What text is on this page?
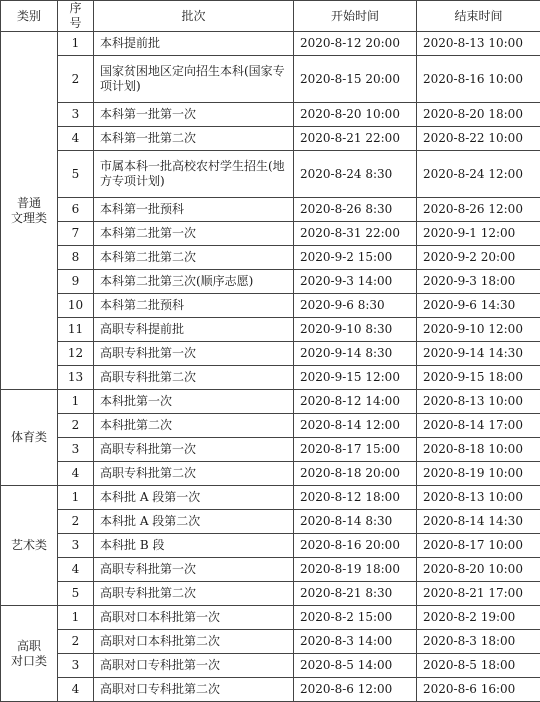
类别	序号	批次	开始时间	结束时间
普通
文理类	1	本科提前批	2020-8-12 20:00	2020-8-13 10:00
	2	国家贫困地区定向招生本科(国家专项计划)	2020-8-15 20:00	2020-8-16 10:00
	3	本科第一批第一次	2020-8-20 10:00	2020-8-20 18:00
	4	本科第一批第二次	2020-8-21 22:00	2020-8-22 10:00
	5	市属本科一批高校农村学生招生(地方专项计划)	2020-8-24 8:30	2020-8-24 12:00
	6	本科第一批预科	2020-8-26 8:30	2020-8-26 12:00
	7	本科第二批第一次	2020-8-31 22:00	2020-9-1 12:00
	8	本科第二批第二次	2020-9-2 15:00	2020-9-2 20:00
	9	本科第二批第三次(顺序志愿)	2020-9-3 14:00	2020-9-3 18:00
	10	本科第二批预科	2020-9-6 8:30	2020-9-6 14:30
	11	高职专科提前批	2020-9-10 8:30	2020-9-10 12:00
	12	高职专科批第一次	2020-9-14 8:30	2020-9-14 14:30
	13	高职专科批第二次	2020-9-15 12:00	2020-9-15 18:00
体育类	1	本科批第一次	2020-8-12 14:00	2020-8-13 10:00
	2	本科批第二次	2020-8-14 12:00	2020-8-14 17:00
	3	高职专科批第一次	2020-8-17 15:00	2020-8-18 10:00
	4	高职专科批第二次	2020-8-18 20:00	2020-8-19 10:00
艺术类	1	本科批 A 段第一次	2020-8-12 18:00	2020-8-13 10:00
	2	本科批 A 段第二次	2020-8-14 8:30	2020-8-14 14:30
	3	本科批 B 段	2020-8-16 20:00	2020-8-17 10:00
	4	高职专科批第一次	2020-8-19 18:00	2020-8-20 10:00
	5	高职专科批第二次	2020-8-21 8:30	2020-8-21 17:00
高职
对口类	1	高职对口本科批第一次	2020-8-2 15:00	2020-8-2 19:00
	2	高职对口本科批第二次	2020-8-3 14:00	2020-8-3 18:00
	3	高职对口专科批第一次	2020-8-5 14:00	2020-8-5 18:00
	4	高职对口专科批第二次	2020-8-6 12:00	2020-8-6 16:00
